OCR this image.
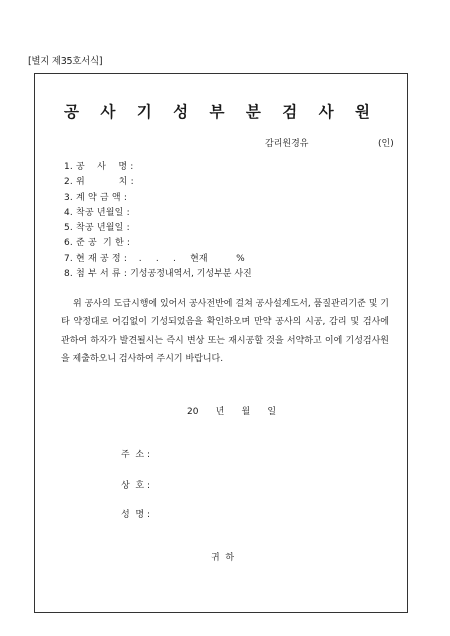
[별지 제35호서식]
공 사 기 성 부 분 검 사 원
감리원경유	(인)
1. 공    사    명 :
2. 위           치 :
3. 계 약 금 액 :
4. 착공 년월일 :
5. 착공 년월일 :
6. 준 공  기 한 :
7. 현 재 공 정 :   .     .     .     현재          %
8. 첨 부 서 류 : 기성공정내역서, 기성부분 사진
위 공사의 도급시행에 있어서 공사전반에 걸쳐 공사설계도서, 품질관리기준 및 기타 약정대로 어김없이 기성되었음을 확인하오며 만약 공사의 시공, 감리 및 검사에 관하여 하자가 발견될시는 즉시 변상 또는 재시공할 것을 서약하고 이에 기성검사원을 제출하오니 검사하여 주시기 바랍니다.
20      년      월      일
주  소 :
상  호 :
성  명 :
귀  하
